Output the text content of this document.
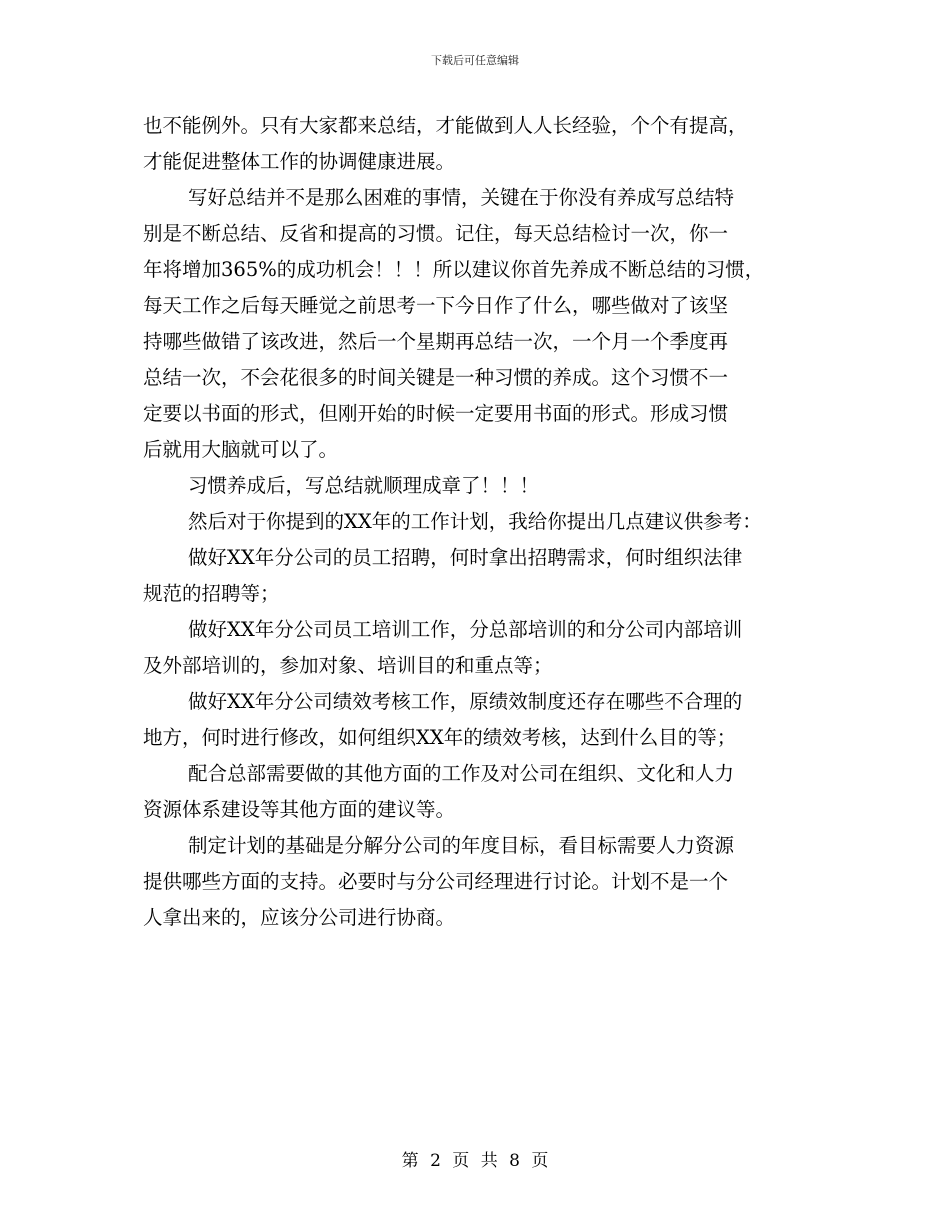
下载后可任意编辑
也不能例外。只有大家都来总结，才能做到人人长经验，个个有提高，
才能促进整体工作的协调健康进展。
写好总结并不是那么困难的事情，关键在于你没有养成写总结特
别是不断总结、反省和提高的习惯。记住，每天总结检讨一次，你一
年将增加365%的成功机会！！！所以建议你首先养成不断总结的习惯，
每天工作之后每天睡觉之前思考一下今日作了什么，哪些做对了该坚
持哪些做错了该改进，然后一个星期再总结一次，一个月一个季度再
总结一次，不会花很多的时间关键是一种习惯的养成。这个习惯不一
定要以书面的形式，但刚开始的时候一定要用书面的形式。形成习惯
后就用大脑就可以了。
习惯养成后，写总结就顺理成章了！！！
然后对于你提到的XX年的工作计划，我给你提出几点建议供参考：
做好XX年分公司的员工招聘，何时拿出招聘需求，何时组织法律
规范的招聘等；
做好XX年分公司员工培训工作，分总部培训的和分公司内部培训
及外部培训的，参加对象、培训目的和重点等；
做好XX年分公司绩效考核工作，原绩效制度还存在哪些不合理的
地方，何时进行修改，如何组织XX年的绩效考核，达到什么目的等；
配合总部需要做的其他方面的工作及对公司在组织、文化和人力
资源体系建设等其他方面的建议等。
制定计划的基础是分解分公司的年度目标，看目标需要人力资源
提供哪些方面的支持。必要时与分公司经理进行讨论。计划不是一个
人拿出来的，应该分公司进行协商。
第 2 页 共 8 页
